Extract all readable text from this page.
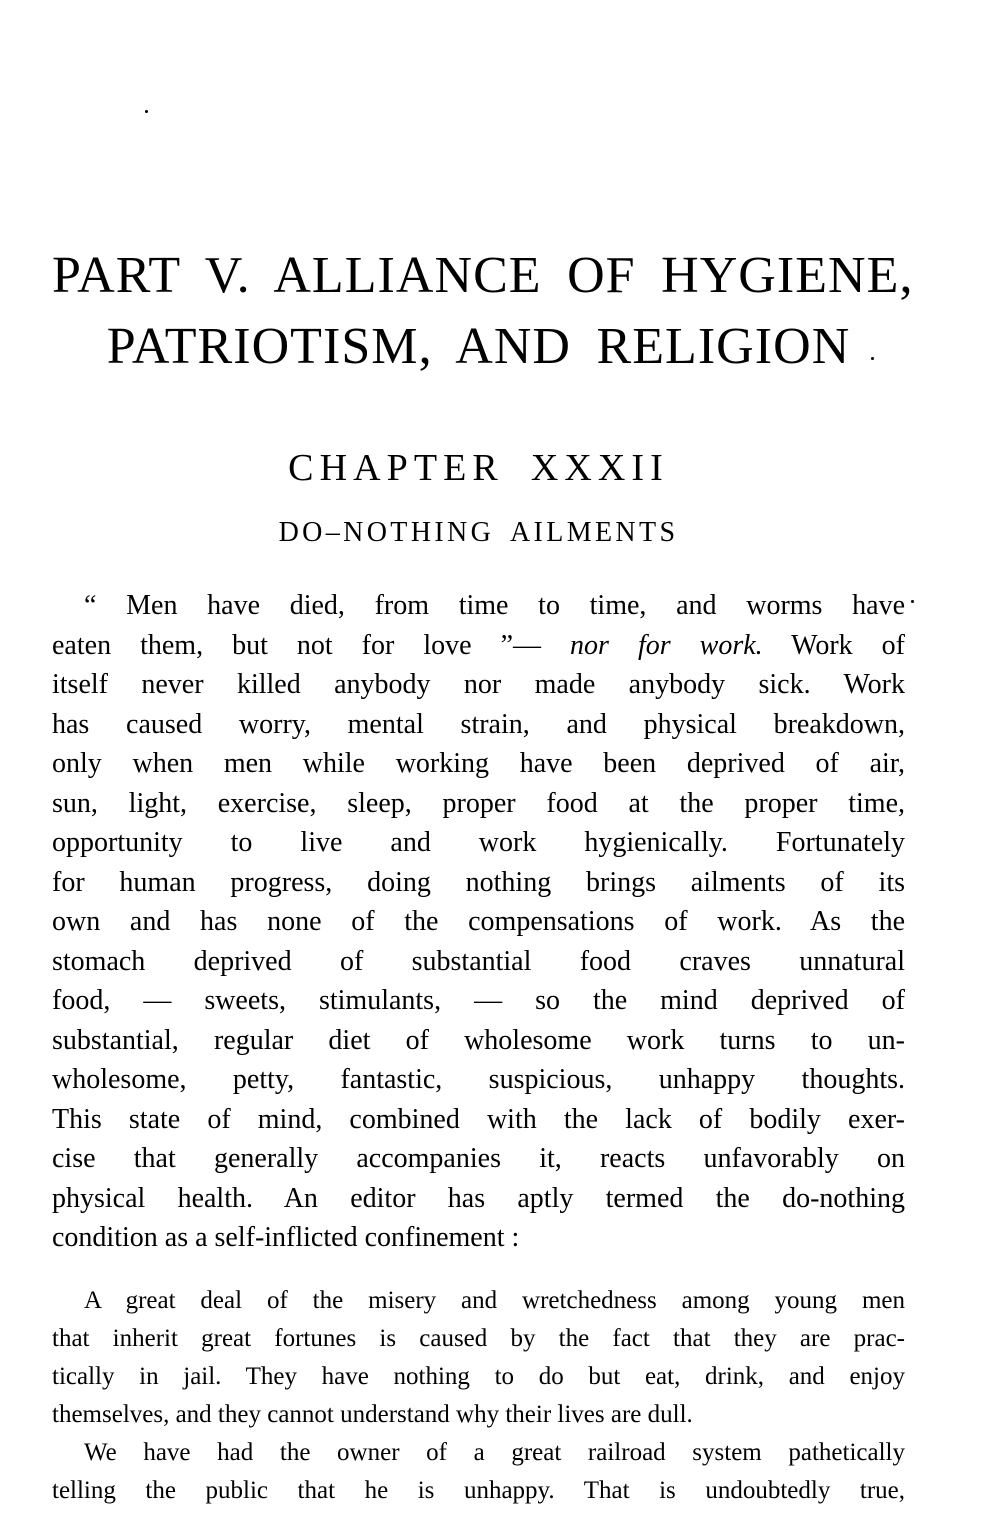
PART V. ALLIANCE OF HYGIENE,
PATRIOTISM, AND RELIGION
CHAPTER XXXII
DO–NOTHING AILMENTS
“ Men have died, from time to time, and worms have
eaten them, but not for love ”— nor for work. Work of
itself never killed anybody nor made anybody sick. Work
has caused worry, mental strain, and physical breakdown,
only when men while working have been deprived of air,
sun, light, exercise, sleep, proper food at the proper time,
opportunity to live and work hygienically. Fortunately
for human progress, doing nothing brings ailments of its
own and has none of the compensations of work. As the
stomach deprived of substantial food craves unnatural
food, — sweets, stimulants, — so the mind deprived of
substantial, regular diet of wholesome work turns to un-
wholesome, petty, fantastic, suspicious, unhappy thoughts.
This state of mind, combined with the lack of bodily exer-
cise that generally accompanies it, reacts unfavorably on
physical health. An editor has aptly termed the do-nothing
condition as a self-inflicted confinement :
A great deal of the misery and wretchedness among young men
that inherit great fortunes is caused by the fact that they are prac-
tically in jail. They have nothing to do but eat, drink, and enjoy
themselves, and they cannot understand why their lives are dull.
We have had the owner of a great railroad system pathetically
telling the public that he is unhappy. That is undoubtedly true,
